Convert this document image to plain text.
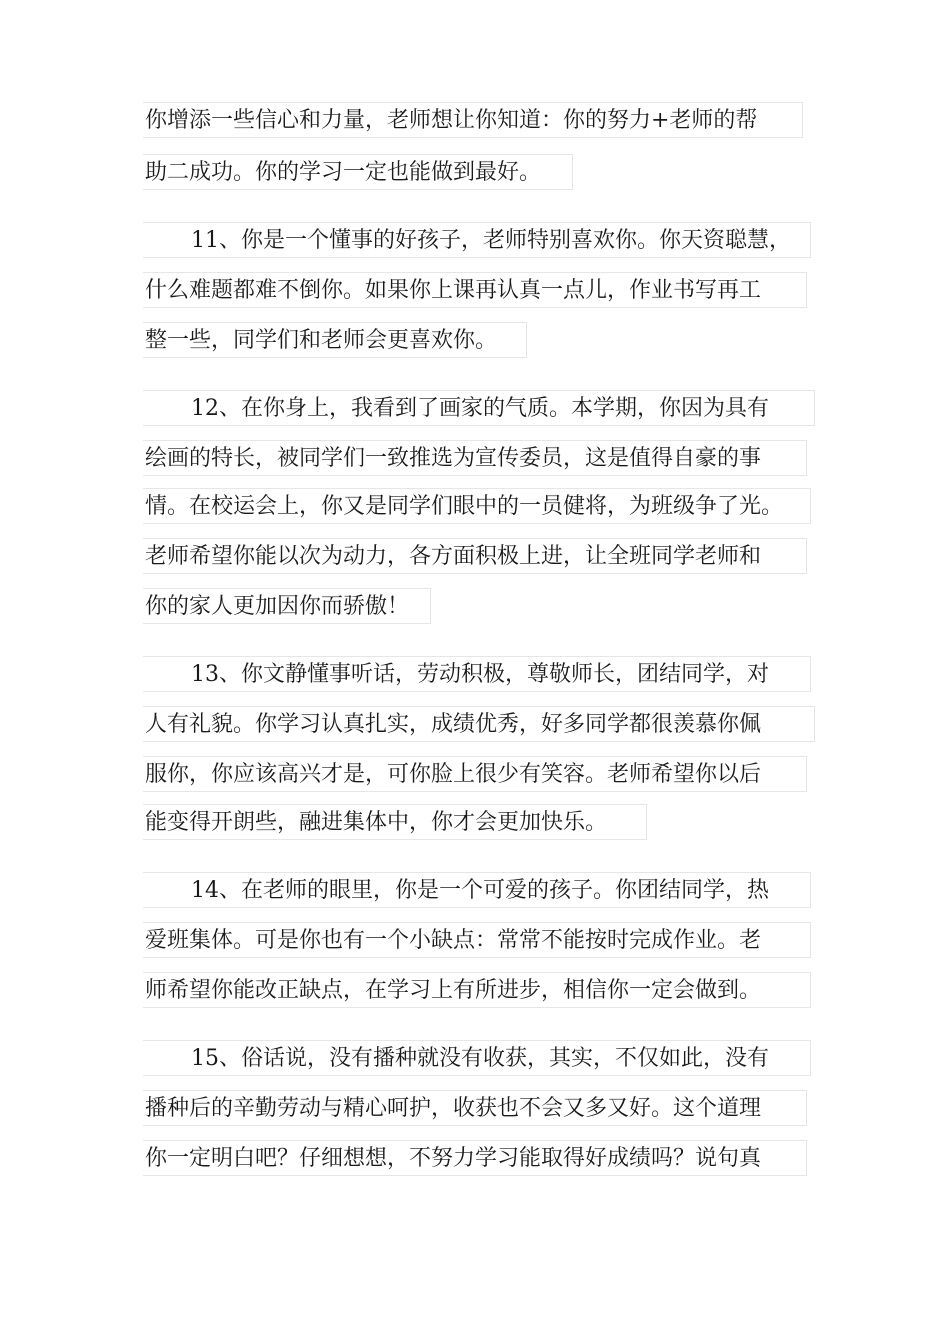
你增添一些信心和力量，老师想让你知道：你的努力+老师的帮
助二成功。你的学习一定也能做到最好。
11、你是一个懂事的好孩子，老师特别喜欢你。你天资聪慧，
什么难题都难不倒你。如果你上课再认真一点儿，作业书写再工
整一些，同学们和老师会更喜欢你。
12、在你身上，我看到了画家的气质。本学期，你因为具有
绘画的特长，被同学们一致推选为宣传委员，这是值得自豪的事
情。在校运会上，你又是同学们眼中的一员健将，为班级争了光。
老师希望你能以次为动力，各方面积极上进，让全班同学老师和
你的家人更加因你而骄傲！
13、你文静懂事听话，劳动积极，尊敬师长，团结同学，对
人有礼貌。你学习认真扎实，成绩优秀，好多同学都很羡慕你佩
服你，你应该高兴才是，可你脸上很少有笑容。老师希望你以后
能变得开朗些，融进集体中，你才会更加快乐。
14、在老师的眼里，你是一个可爱的孩子。你团结同学，热
爱班集体。可是你也有一个小缺点：常常不能按时完成作业。老
师希望你能改正缺点，在学习上有所进步，相信你一定会做到。
15、俗话说，没有播种就没有收获，其实，不仅如此，没有
播种后的辛勤劳动与精心呵护，收获也不会又多又好。这个道理
你一定明白吧？仔细想想，不努力学习能取得好成绩吗？说句真
